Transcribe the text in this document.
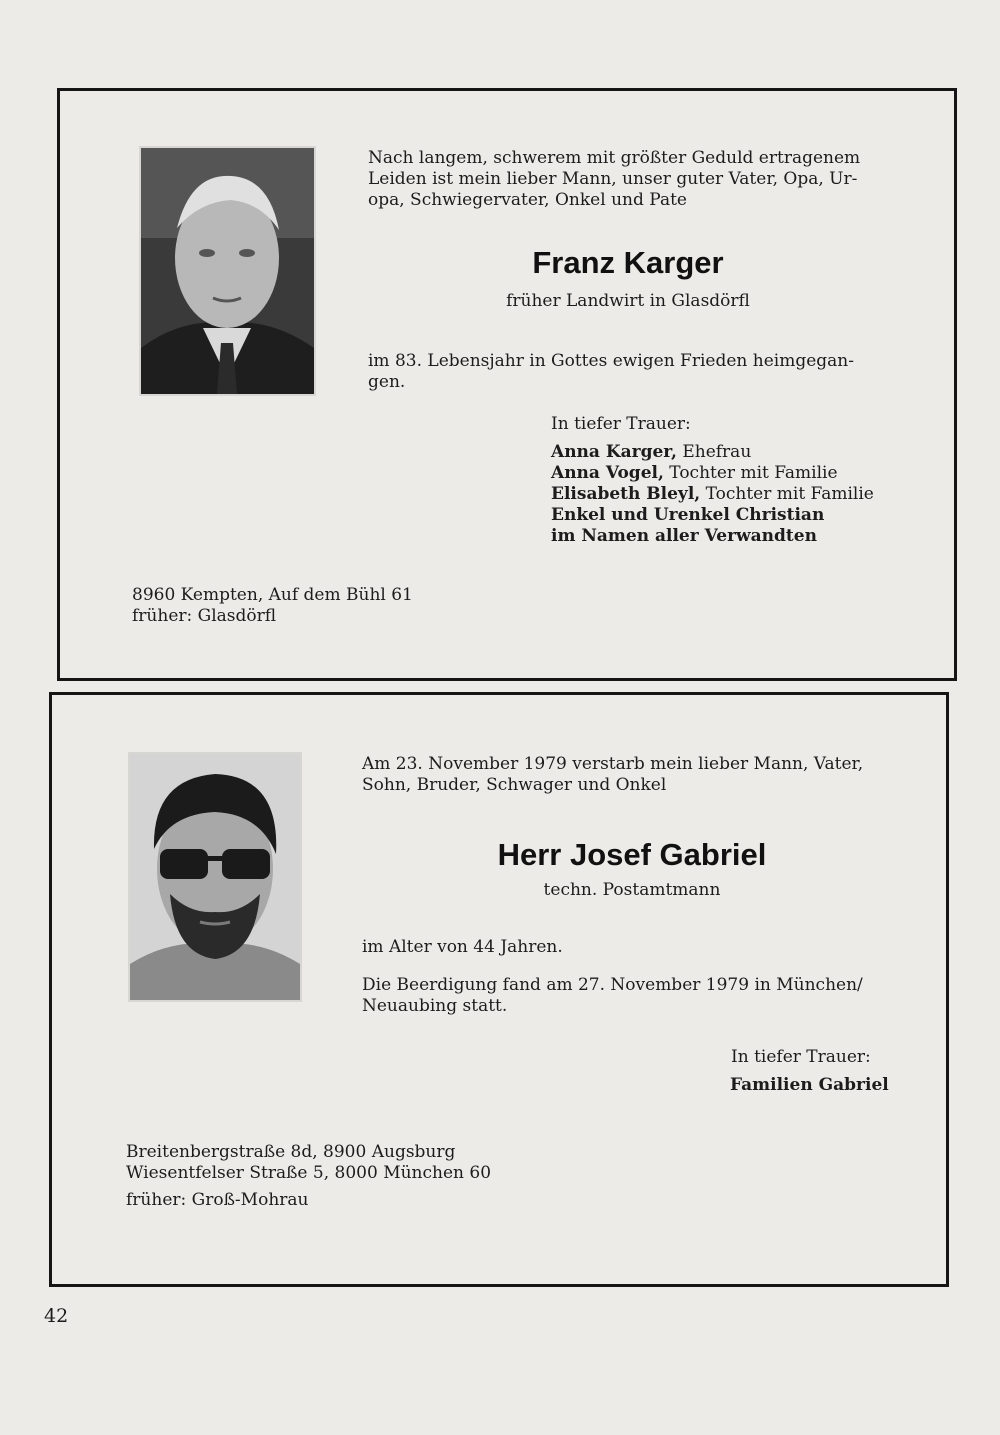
Nach langem, schwerem mit größter Geduld ertragenem
Leiden ist mein lieber Mann, unser guter Vater, Opa, Ur-
opa, Schwiegervater, Onkel und Pate

Franz Karger

früher Landwirt in Glasdörfl

im 83. Lebensjahr in Gottes ewigen Frieden heimgegan-
gen.

In tiefer Trauer:

Anna Karger, Ehefrau
Anna Vogel, Tochter mit Familie
Elisabeth Bleyl, Tochter mit Familie
Enkel und Urenkel Christian
im Namen aller Verwandten

8960 Kempten, Auf dem Bühl 61
früher: Glasdörfl

Am 23. November 1979 verstarb mein lieber Mann, Vater,
Sohn, Bruder, Schwager und Onkel

Herr Josef Gabriel

techn. Postamtmann

im Alter von 44 Jahren.

Die Beerdigung fand am 27. November 1979 in München/
Neuaubing statt.

In tiefer Trauer:

Familien Gabriel

Breitenbergstraße 8d, 8900 Augsburg
Wiesentfelser Straße 5, 8000 München 60
früher: Groß-Mohrau

42
